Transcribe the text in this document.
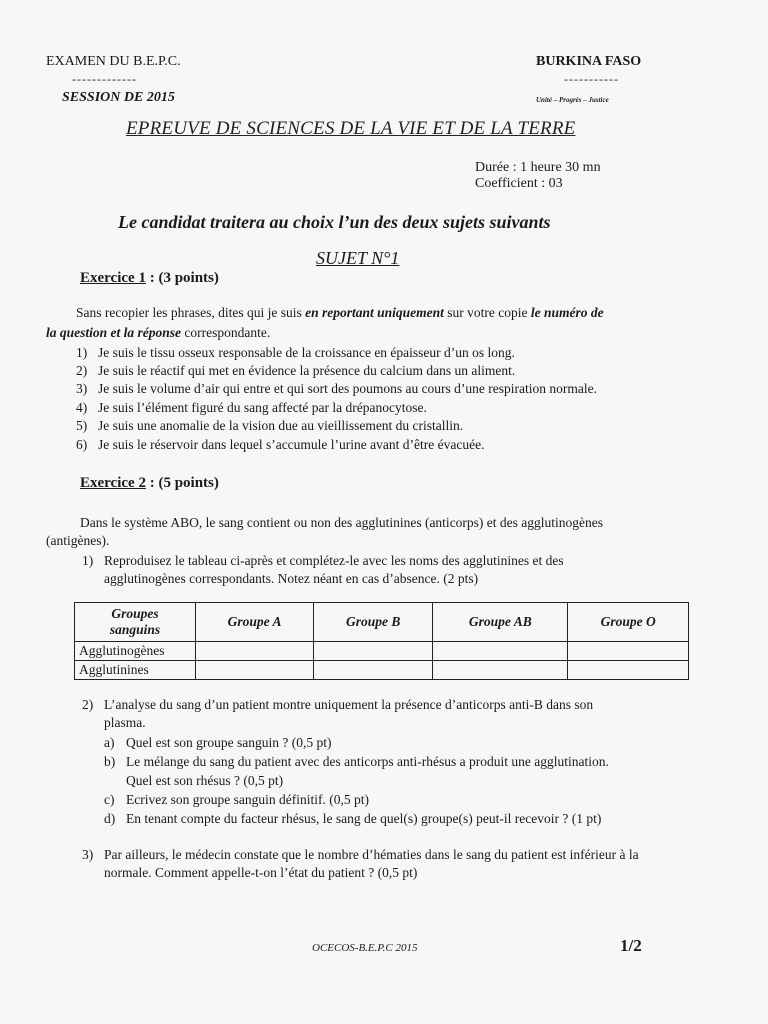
EXAMEN DU B.E.P.C.
-------------
SESSION DE 2015
BURKINA FASO
-----------
Unité – Progrès – Justice
EPREUVE DE SCIENCES DE LA VIE ET DE LA TERRE
Durée : 1 heure 30 mn
Coefficient : 03
Le candidat traitera au choix l’un des deux sujets suivants
SUJET N°1
Exercice 1 : (3 points)
Sans recopier les phrases, dites qui je suis en reportant uniquement sur votre copie le numéro de
la question et la réponse correspondante.
1) Je suis le tissu osseux responsable de la croissance en épaisseur d’un os long.
2) Je suis le réactif qui met en évidence la présence du calcium dans un aliment.
3) Je suis le volume d’air qui entre et qui sort des poumons au cours d’une respiration normale.
4) Je suis l’élément figuré du sang affecté par la drépanocytose.
5) Je suis une anomalie de la vision due au vieillissement du cristallin.
6) Je suis le réservoir dans lequel s’accumule l’urine avant d’être évacuée.
Exercice 2 : (5 points)
Dans le système ABO, le sang contient ou non des agglutinines (anticorps) et des agglutinogènes
(antigènes).
1) Reproduisez le tableau ci-après et complétez-le avec les noms des agglutinines et des
agglutinogènes correspondants. Notez néant en cas d’absence. (2 pts)
Groupes
sanguins	Groupe A	Groupe B	Groupe AB	Groupe O
Agglutinogènes				
Agglutinines				
2) L’analyse du sang d’un patient montre uniquement la présence d’anticorps anti-B dans son
plasma.
a) Quel est son groupe sanguin ? (0,5 pt)
b) Le mélange du sang du patient avec des anticorps anti-rhésus a produit une agglutination.
Quel est son rhésus ? (0,5 pt)
c) Ecrivez son groupe sanguin définitif. (0,5 pt)
d) En tenant compte du facteur rhésus, le sang de quel(s) groupe(s) peut-il recevoir ? (1 pt)
3) Par ailleurs, le médecin constate que le nombre d’hématies dans le sang du patient est inférieur à la
normale. Comment appelle-t-on l’état du patient ? (0,5 pt)
OCECOS-B.E.P.C 2015	1/2
